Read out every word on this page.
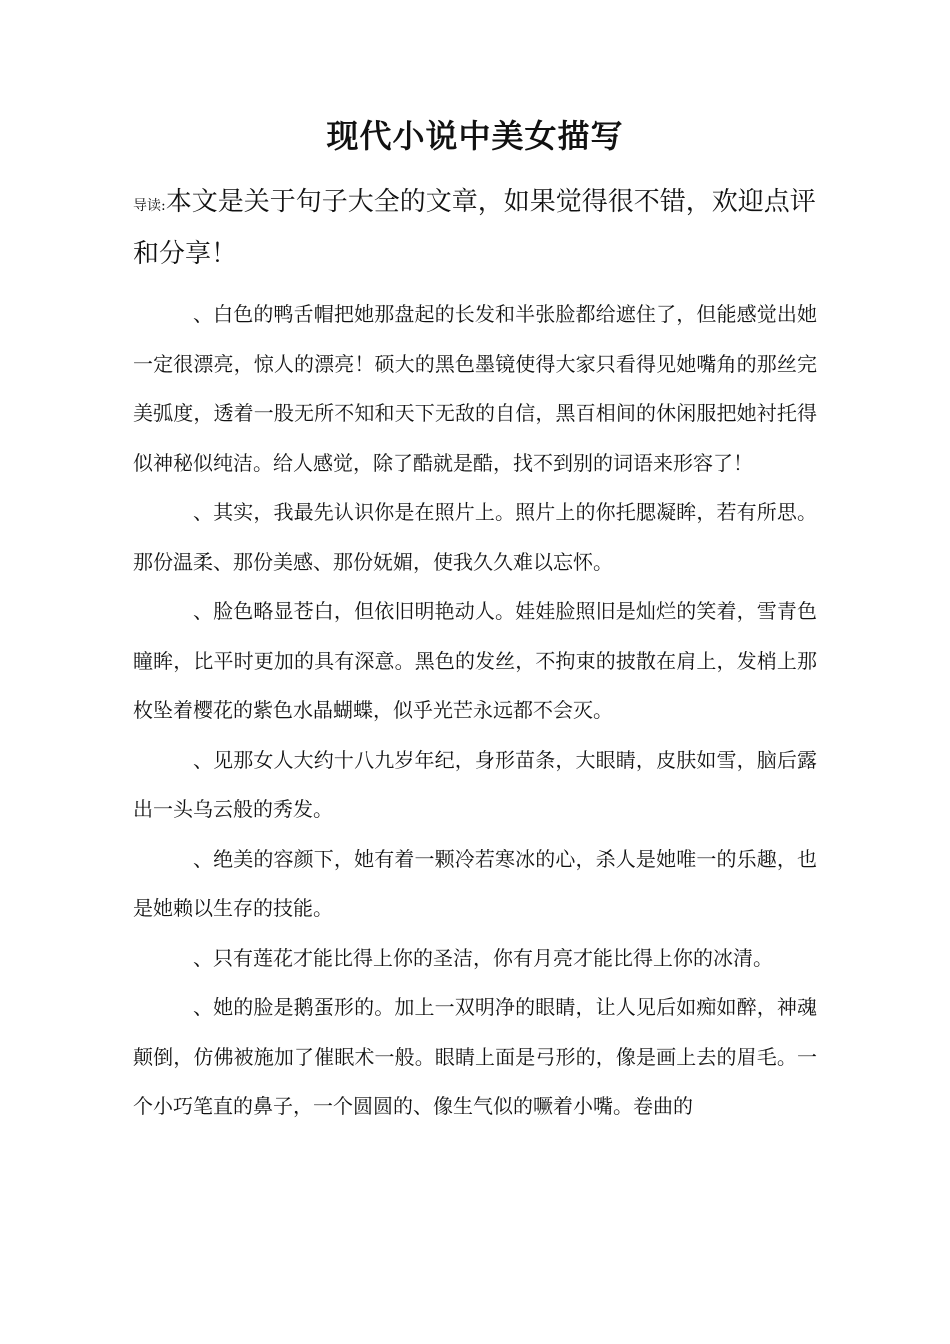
现代小说中美女描写
导读:本文是关于句子大全的文章，如果觉得很不错，欢迎点评和分享！

、白色的鸭舌帽把她那盘起的长发和半张脸都给遮住了，但能感觉出她一定很漂亮，惊人的漂亮！硕大的黑色墨镜使得大家只看得见她嘴角的那丝完美弧度，透着一股无所不知和天下无敌的自信，黑百相间的休闲服把她衬托得似神秘似纯洁。给人感觉，除了酷就是酷，找不到别的词语来形容了！

、其实，我最先认识你是在照片上。照片上的你托腮凝眸，若有所思。那份温柔、那份美感、那份妩媚，使我久久难以忘怀。

、脸色略显苍白，但依旧明艳动人。娃娃脸照旧是灿烂的笑着，雪青色瞳眸，比平时更加的具有深意。黑色的发丝，不拘束的披散在肩上，发梢上那枚坠着樱花的紫色水晶蝴蝶，似乎光芒永远都不会灭。

、见那女人大约十八九岁年纪，身形苗条，大眼睛，皮肤如雪，脑后露出一头乌云般的秀发。

、绝美的容颜下，她有着一颗冷若寒冰的心，杀人是她唯一的乐趣，也是她赖以生存的技能。

、只有莲花才能比得上你的圣洁，你有月亮才能比得上你的冰清。

、她的脸是鹅蛋形的。加上一双明净的眼睛，让人见后如痴如醉，神魂颠倒，仿佛被施加了催眠术一般。眼睛上面是弓形的，像是画上去的眉毛。一个小巧笔直的鼻子，一个圆圆的、像生气似的噘着小嘴。卷曲的
